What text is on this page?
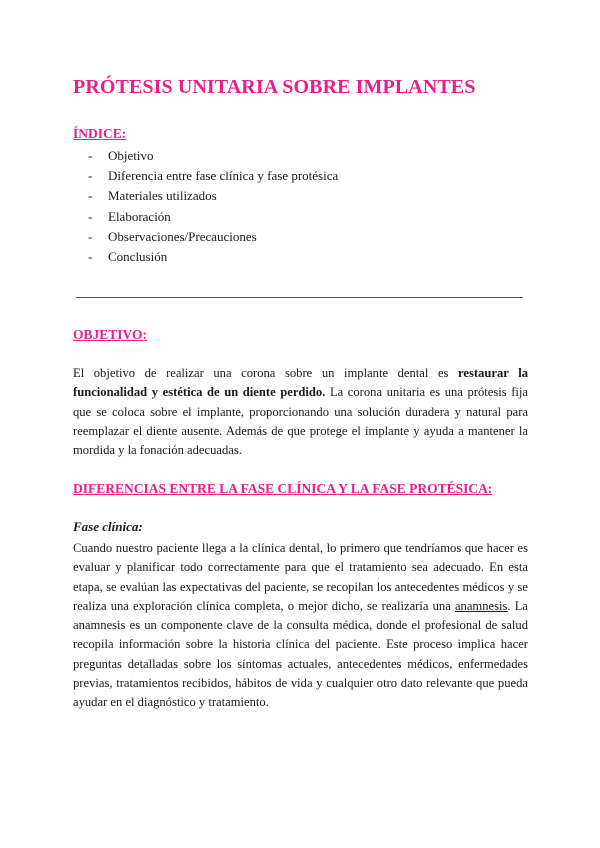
PRÓTESIS UNITARIA SOBRE IMPLANTES
ÍNDICE:
- Objetivo
- Diferencia entre fase clínica y fase protésica
- Materiales utilizados
- Elaboración
- Observaciones/Precauciones
- Conclusión
OBJETIVO:
El objetivo de realizar una corona sobre un implante dental es restaurar la funcionalidad y estética de un diente perdido. La corona unitaria es una prótesis fija que se coloca sobre el implante, proporcionando una solución duradera y natural para reemplazar el diente ausente. Además de que protege el implante y ayuda a mantener la mordida y la fonación adecuadas.
DIFERENCIAS ENTRE LA FASE CLÍNICA Y LA FASE PROTÉSICA:
Fase clínica:
Cuando nuestro paciente llega a la clínica dental, lo primero que tendríamos que hacer es evaluar y planificar todo correctamente para que el tratamiento sea adecuado. En esta etapa, se evalúan las expectativas del paciente, se recopilan los antecedentes médicos y se realiza una exploración clínica completa, o mejor dicho, se realizaría una anamnesis. La anamnesis es un componente clave de la consulta médica, donde el profesional de salud recopila información sobre la historia clínica del paciente. Este proceso implica hacer preguntas detalladas sobre los síntomas actuales, antecedentes médicos, enfermedades previas, tratamientos recibidos, hábitos de vida y cualquier otro dato relevante que pueda ayudar en el diagnóstico y tratamiento.
